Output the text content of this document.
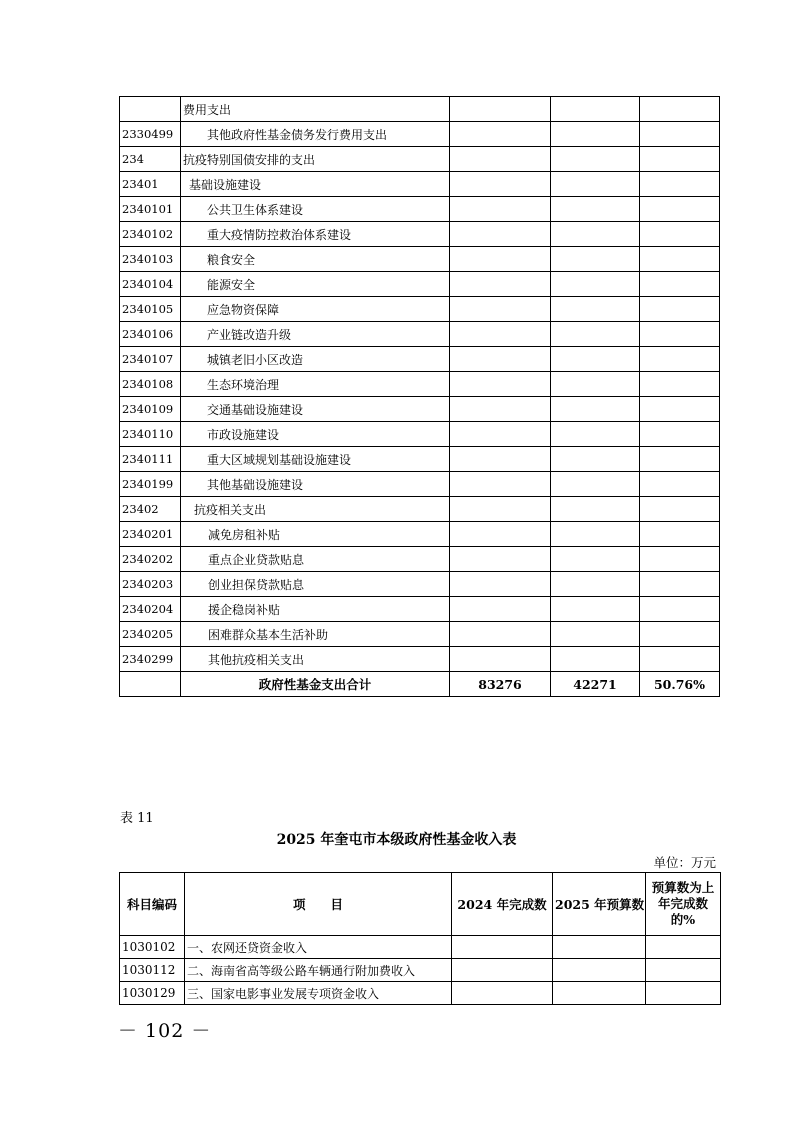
	费用支出			
2330499	其他政府性基金债务发行费用支出			
234	抗疫特别国债安排的支出			
23401	基础设施建设			
2340101	公共卫生体系建设			
2340102	重大疫情防控救治体系建设			
2340103	粮食安全			
2340104	能源安全			
2340105	应急物资保障			
2340106	产业链改造升级			
2340107	城镇老旧小区改造			
2340108	生态环境治理			
2340109	交通基础设施建设			
2340110	市政设施建设			
2340111	重大区域规划基础设施建设			
2340199	其他基础设施建设			
23402	抗疫相关支出			
2340201	减免房租补贴			
2340202	重点企业贷款贴息			
2340203	创业担保贷款贴息			
2340204	援企稳岗补贴			
2340205	困难群众基本生活补助			
2340299	其他抗疫相关支出			
	政府性基金支出合计	83276	42271	50.76%
表 11
2025 年奎屯市本级政府性基金收入表
单位：万元
科目编码	项　　目	2024 年完成数	2025 年预算数	预算数为上年完成数的%
1030102	一、农网还贷资金收入			
1030112	二、海南省高等级公路车辆通行附加费收入			
1030129	三、国家电影事业发展专项资金收入			
－ 102 －
